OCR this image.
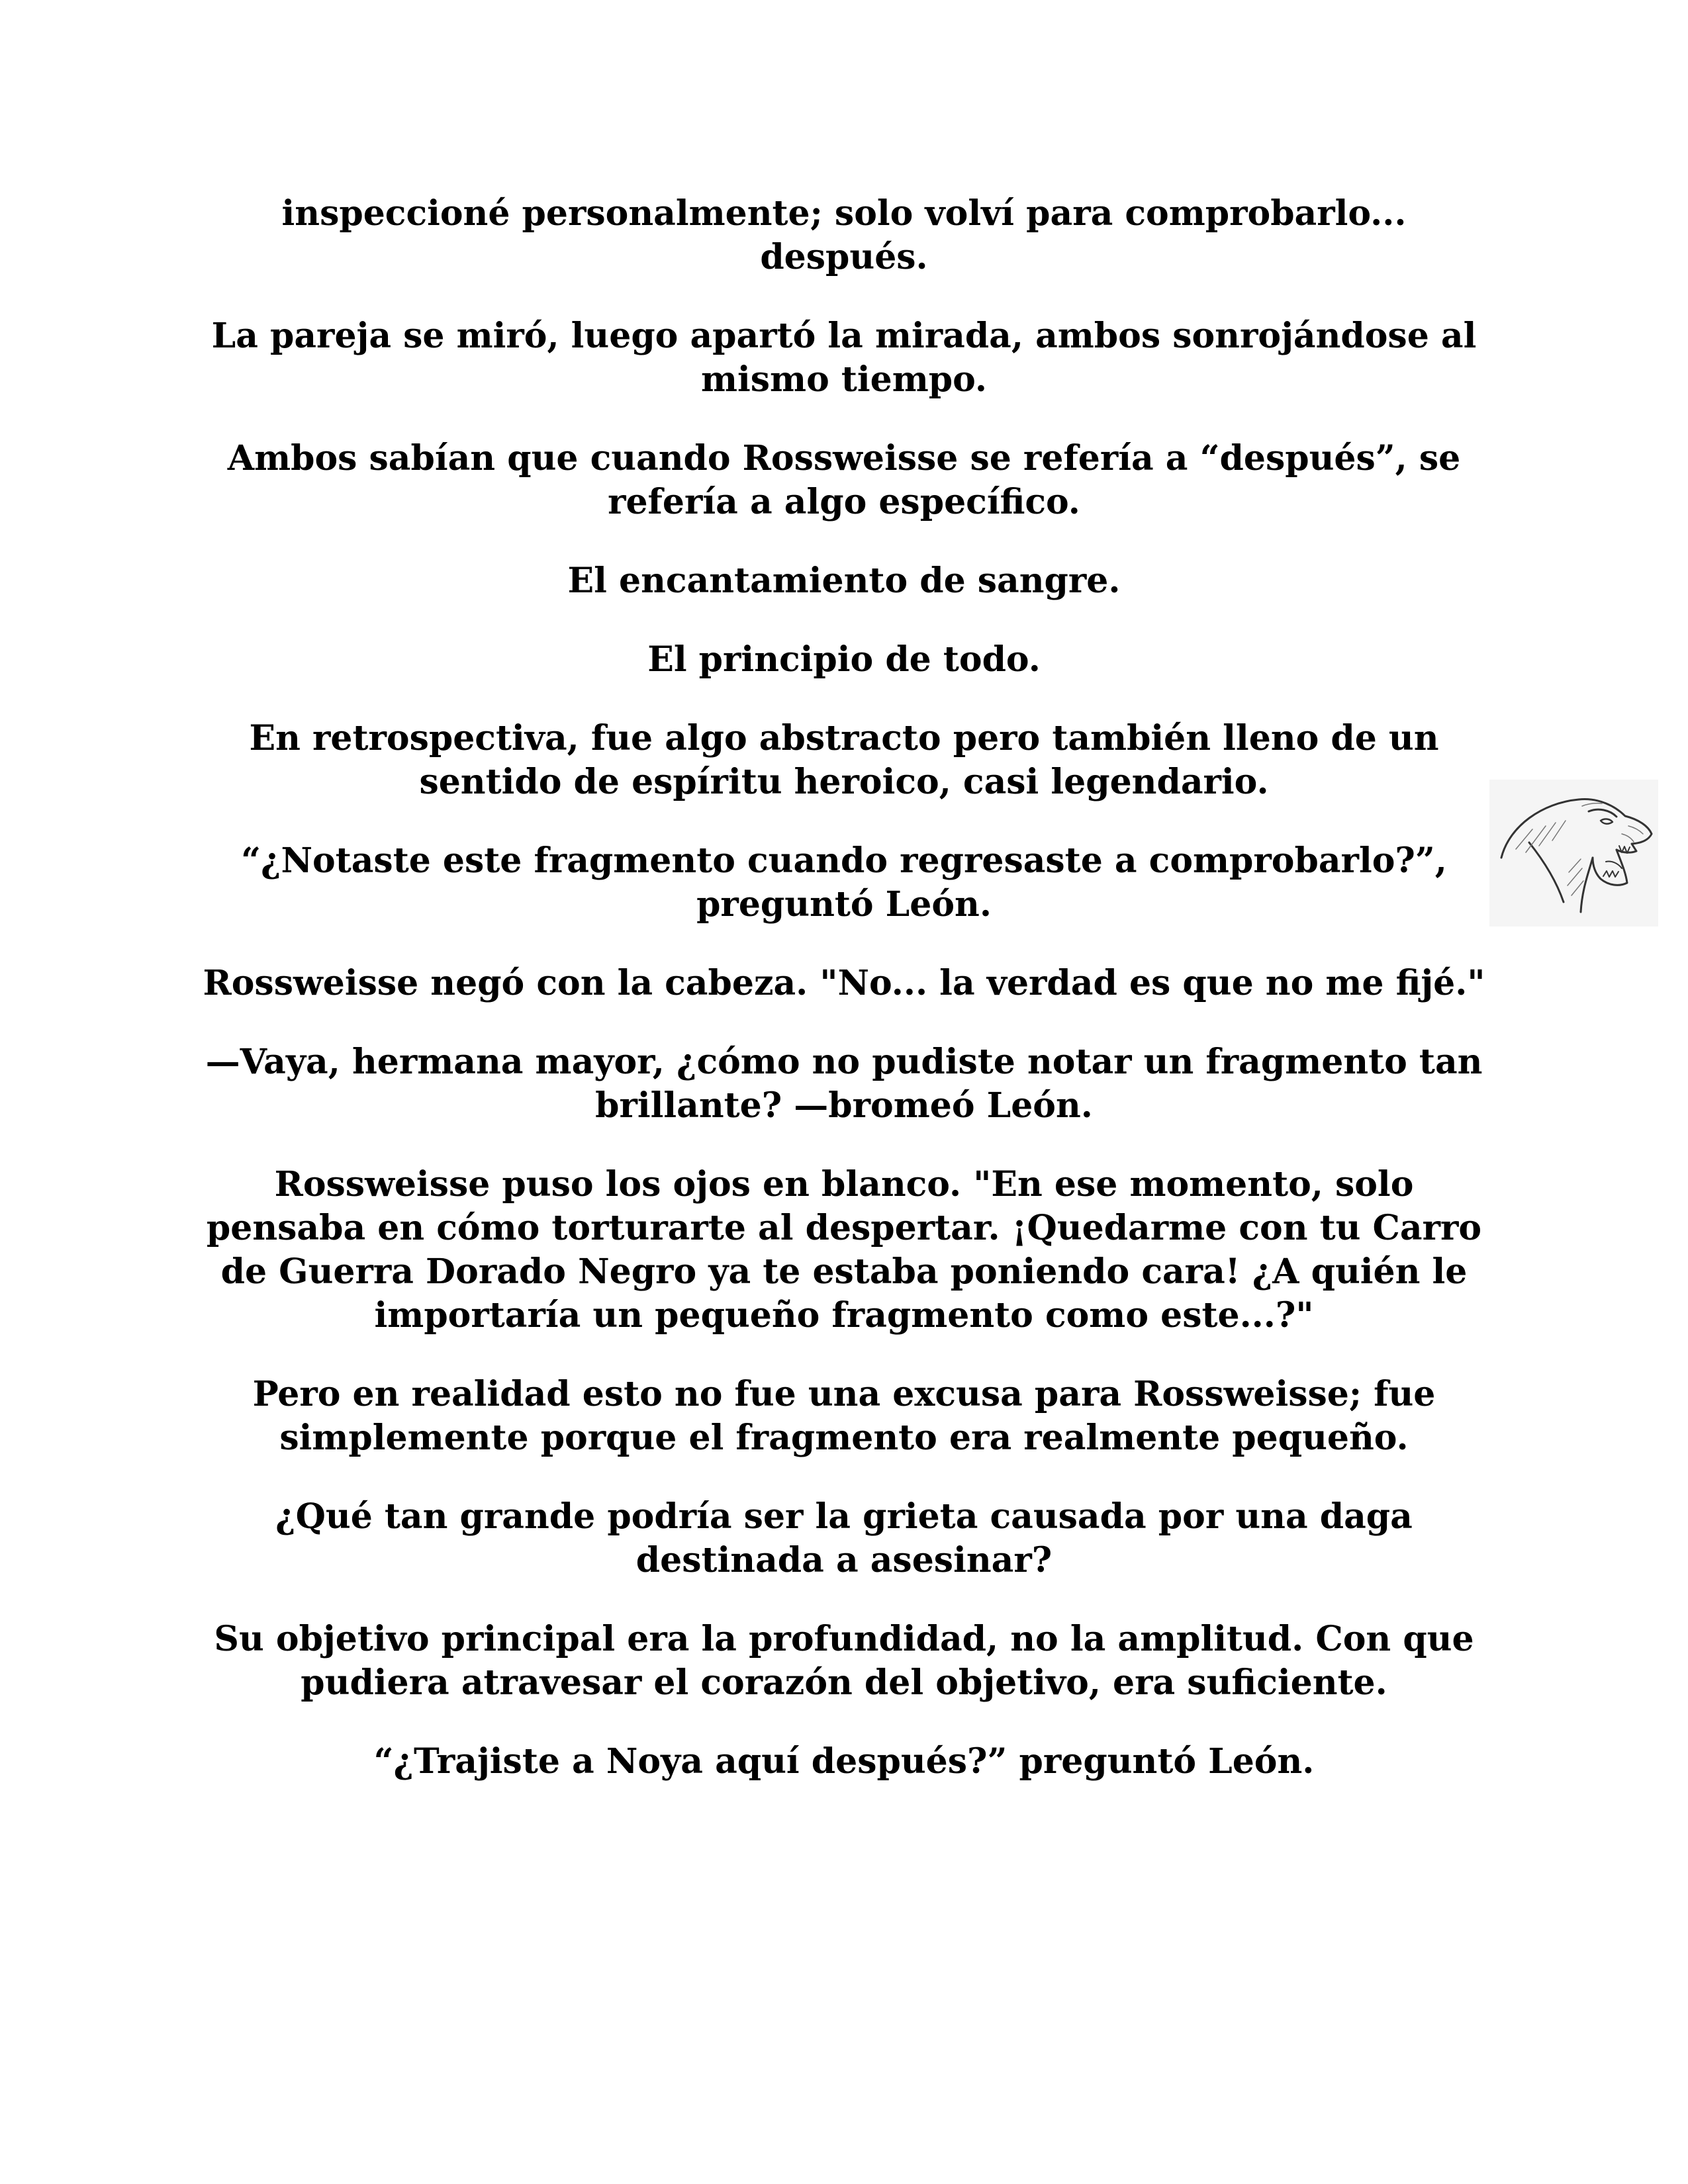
inspeccioné personalmente; solo volví para comprobarlo... después.

La pareja se miró, luego apartó la mirada, ambos sonrojándose al mismo tiempo.

Ambos sabían que cuando Rossweisse se refería a “después”, se refería a algo específico.

El encantamiento de sangre.

El principio de todo.

En retrospectiva, fue algo abstracto pero también lleno de un sentido de espíritu heroico, casi legendario.

“¿Notaste este fragmento cuando regresaste a comprobarlo?”, preguntó León.

Rossweisse negó con la cabeza. "No... la verdad es que no me fijé."

—Vaya, hermana mayor, ¿cómo no pudiste notar un fragmento tan brillante? —bromeó León.

Rossweisse puso los ojos en blanco. "En ese momento, solo pensaba en cómo torturarte al despertar. ¡Quedarme con tu Carro de Guerra Dorado Negro ya te estaba poniendo cara! ¿A quién le importaría un pequeño fragmento como este...?"

Pero en realidad esto no fue una excusa para Rossweisse; fue simplemente porque el fragmento era realmente pequeño.

¿Qué tan grande podría ser la grieta causada por una daga destinada a asesinar?

Su objetivo principal era la profundidad, no la amplitud. Con que pudiera atravesar el corazón del objetivo, era suficiente.

“¿Trajiste a Noya aquí después?” preguntó León.
